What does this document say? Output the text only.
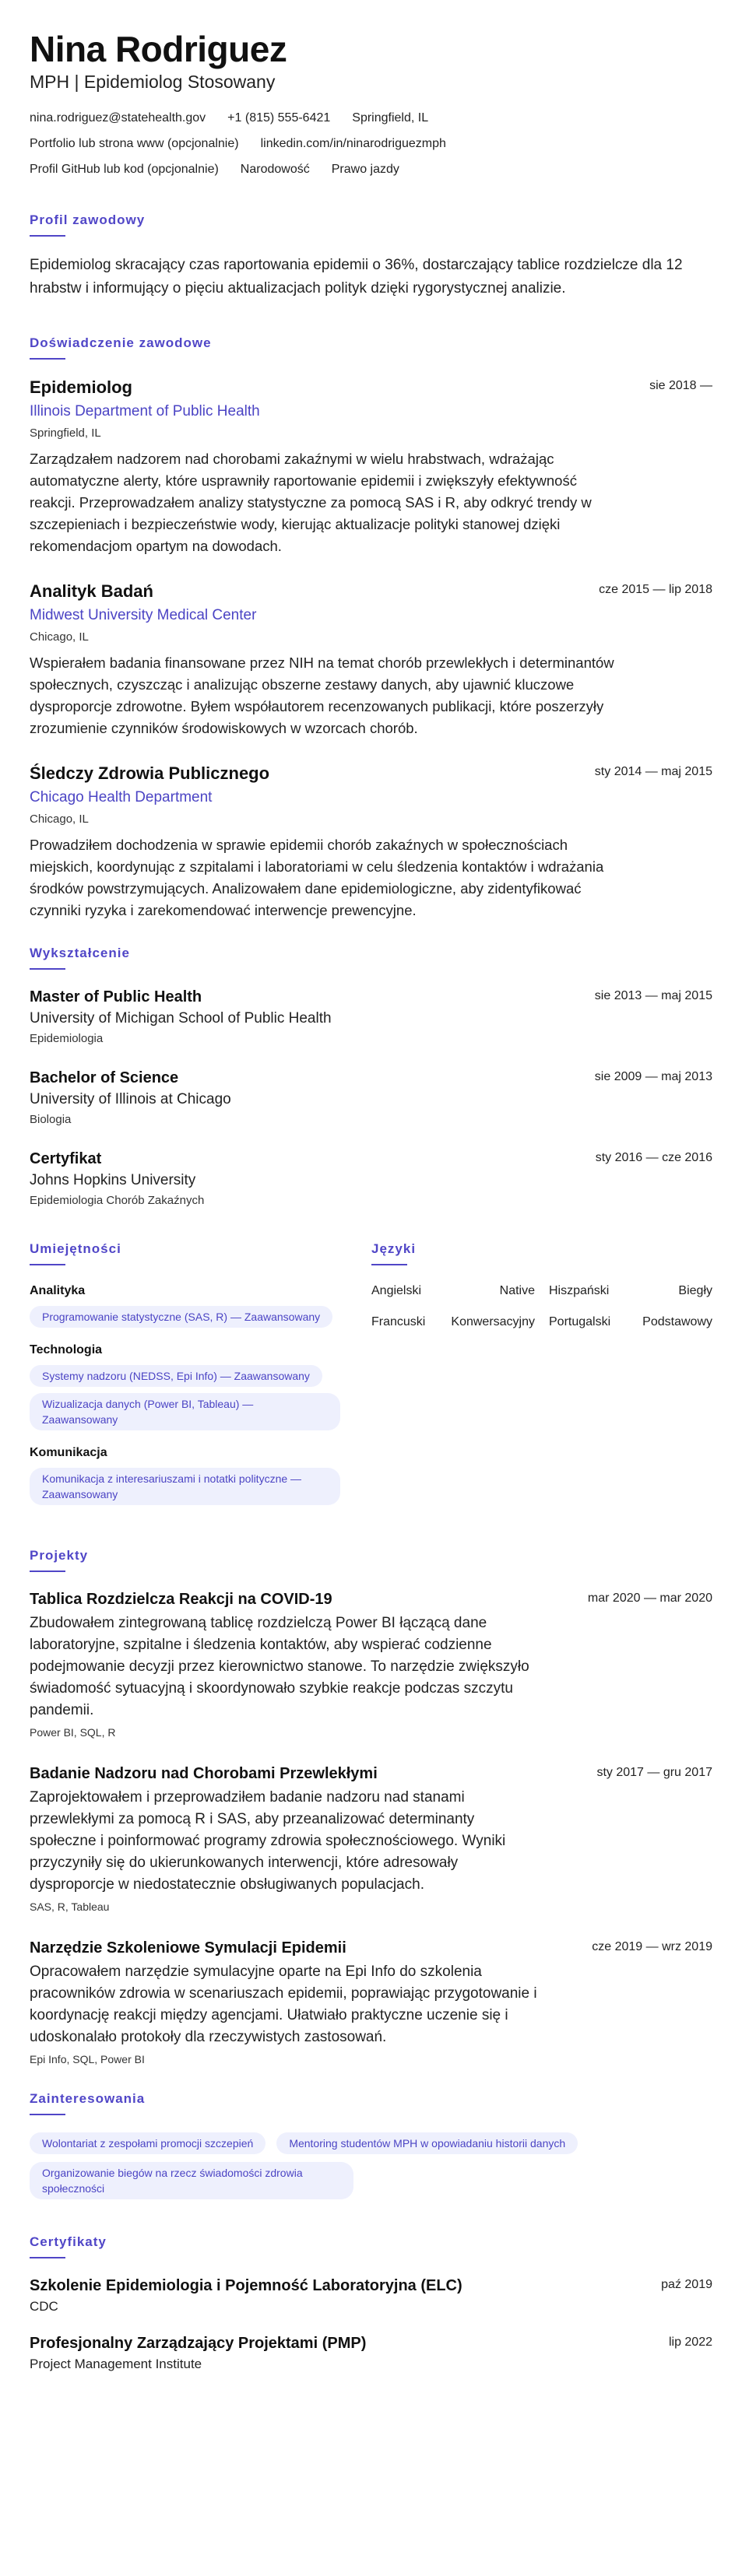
Nina Rodriguez
MPH | Epidemiolog Stosowany
nina.rodriguez@statehealth.gov +1 (815) 555-6421 Springfield, IL
Portfolio lub strona www (opcjonalnie) linkedin.com/in/ninarodriguezmph
Profil GitHub lub kod (opcjonalnie) Narodowość Prawo jazdy
Profil zawodowy

Epidemiolog skracający czas raportowania epidemii o 36%, dostarczający tablice rozdzielcze dla 12 hrabstw i informujący o pięciu aktualizacjach polityk dzięki rygorystycznej analizie.

Doświadczenie zawodowe
Epidemiolog	sie 2018 —
Illinois Department of Public Health
Springfield, IL

Zarządzałem nadzorem nad chorobami zakaźnymi w wielu hrabstwach, wdrażając automatyczne alerty, które usprawniły raportowanie epidemii i zwiększyły efektywność reakcji. Przeprowadzałem analizy statystyczne za pomocą SAS i R, aby odkryć trendy w szczepieniach i bezpieczeństwie wody, kierując aktualizacje polityki stanowej dzięki rekomendacjom opartym na dowodach.

Analityk Badań	cze 2015 — lip 2018
Midwest University Medical Center
Chicago, IL

Wspierałem badania finansowane przez NIH na temat chorób przewlekłych i determinantów społecznych, czyszcząc i analizując obszerne zestawy danych, aby ujawnić kluczowe dysproporcje zdrowotne. Byłem współautorem recenzowanych publikacji, które poszerzyły zrozumienie czynników środowiskowych w wzorcach chorób.

Śledczy Zdrowia Publicznego	sty 2014 — maj 2015
Chicago Health Department
Chicago, IL

Prowadziłem dochodzenia w sprawie epidemii chorób zakaźnych w społecznościach miejskich, koordynując z szpitalami i laboratoriami w celu śledzenia kontaktów i wdrażania środków powstrzymujących. Analizowałem dane epidemiologiczne, aby zidentyfikować czynniki ryzyka i zarekomendować interwencje prewencyjne.

Wykształcenie
Master of Public Health	sie 2013 — maj 2015
University of Michigan School of Public Health
Epidemiologia
Bachelor of Science	sie 2009 — maj 2013
University of Illinois at Chicago
Biologia
Certyfikat	sty 2016 — cze 2016
Johns Hopkins University
Epidemiologia Chorób Zakaźnych
Umiejętności
Analityka
Programowanie statystyczne (SAS, R) — Zaawansowany
Technologia
Systemy nadzoru (NEDSS, Epi Info) — Zaawansowany
Wizualizacja danych (Power BI, Tableau) — Zaawansowany
Komunikacja
Komunikacja z interesariuszami i notatki polityczne — Zaawansowany
Języki
Angielski	Native Hiszpański	Biegły
Francuski Konwersacyjny Portugalski	Podstawowy
Projekty
Tablica Rozdzielcza Reakcji na COVID-19	mar 2020 — mar 2020

Zbudowałem zintegrowaną tablicę rozdzielczą Power BI łączącą dane laboratoryjne, szpitalne i śledzenia kontaktów, aby wspierać codzienne podejmowanie decyzji przez kierownictwo stanowe. To narzędzie zwiększyło świadomość sytuacyjną i skoordynowało szybkie reakcje podczas szczytu pandemii.

Power BI, SQL, R
Badanie Nadzoru nad Chorobami Przewlekłymi	sty 2017 — gru 2017

Zaprojektowałem i przeprowadziłem badanie nadzoru nad stanami przewlekłymi za pomocą R i SAS, aby przeanalizować determinanty społeczne i poinformować programy zdrowia społecznościowego. Wyniki przyczyniły się do ukierunkowanych interwencji, które adresowały dysproporcje w niedostatecznie obsługiwanych populacjach.

SAS, R, Tableau
Narzędzie Szkoleniowe Symulacji Epidemii	cze 2019 — wrz 2019

Opracowałem narzędzie symulacyjne oparte na Epi Info do szkolenia pracowników zdrowia w scenariuszach epidemii, poprawiając przygotowanie i koordynację reakcji między agencjami. Ułatwiało praktyczne uczenie się i udoskonalało protokoły dla rzeczywistych zastosowań.

Epi Info, SQL, Power BI
Zainteresowania
Wolontariat z zespołami promocji szczepień	Mentoring studentów MPH w opowiadaniu historii danych
Organizowanie biegów na rzecz świadomości zdrowia społeczności
Certyfikaty
Szkolenie Epidemiologia i Pojemność Laboratoryjna (ELC)	paź 2019
CDC
Profesjonalny Zarządzający Projektami (PMP)	lip 2022
Project Management Institute
